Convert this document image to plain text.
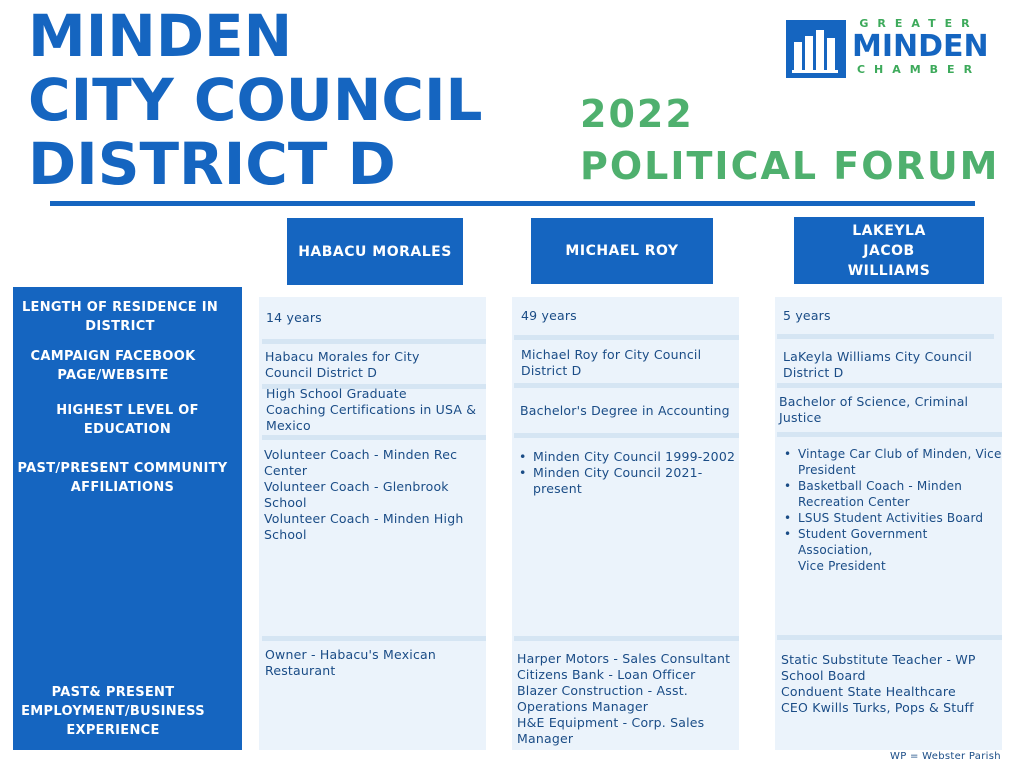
MINDEN
CITY COUNCIL
DISTRICT D
GREATER
MINDEN
CHAMBER
2022
POLITICAL FORUM
HABACU MORALES	MICHAEL ROY
LAKEYLA
JACOB
WILLIAMS
LENGTH OF RESIDENCE IN
DISTRICT
CAMPAIGN FACEBOOK
PAGE/WEBSITE
HIGHEST LEVEL OF EDUCATION
PAST/PRESENT COMMUNITY
AFFILIATIONS
PAST& PRESENT
EMPLOYMENT/BUSINESS
EXPERIENCE
14 years
Habacu Morales for City
Council District D
High School Graduate
Coaching Certifications in USA &
Mexico
Volunteer Coach - Minden Rec
Center
Volunteer Coach - Glenbrook School
Volunteer Coach - Minden High
School
Owner - Habacu's Mexican
Restaurant
49 years
Michael Roy for City Council
District D
Bachelor's Degree in Accounting
• Minden City Council 1999-2002
• Minden City Council 2021-
present
Harper Motors - Sales Consultant
Citizens Bank - Loan Officer
Blazer Construction - Asst.
Operations Manager
H&E Equipment - Corp. Sales
Manager
5 years
LaKeyla Williams City Council
District D
Bachelor of Science, Criminal
Justice
• Vintage Car Club of Minden, Vice
President
• Basketball Coach - Minden
Recreation Center
• LSUS Student Activities Board
• Student Government Association,
Vice President
Static Substitute Teacher - WP
School Board
Conduent State Healthcare
CEO Kwills Turks, Pops & Stuff
WP = Webster Parish
